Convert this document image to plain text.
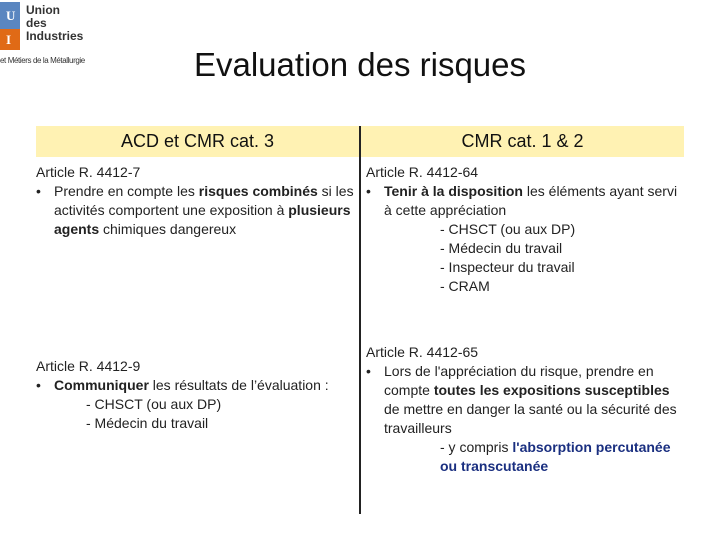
U
I
Union des
Industries
et Métiers de la Métallurgie	Evaluation des risques
ACD et CMR cat. 3	CMR cat. 1 & 2
Article R. 4412-7
• Prendre en compte les risques combinés si les activités comportent une exposition à plusieurs agents chimiques dangereux
Article R. 4412-9
• Communiquer les résultats de l’évaluation :
- CHSCT (ou aux DP)
- Médecin du travail
Article R. 4412-64
• Tenir à la disposition les éléments ayant servi à cette appréciation
- CHSCT (ou aux DP)
- Médecin du travail
- Inspecteur du travail
- CRAM
Article R. 4412-65
• Lors de l'appréciation du risque, prendre en compte toutes les expositions susceptibles de mettre en danger la santé ou la sécurité des travailleurs
- y compris l'absorption percutanée ou transcutanée
